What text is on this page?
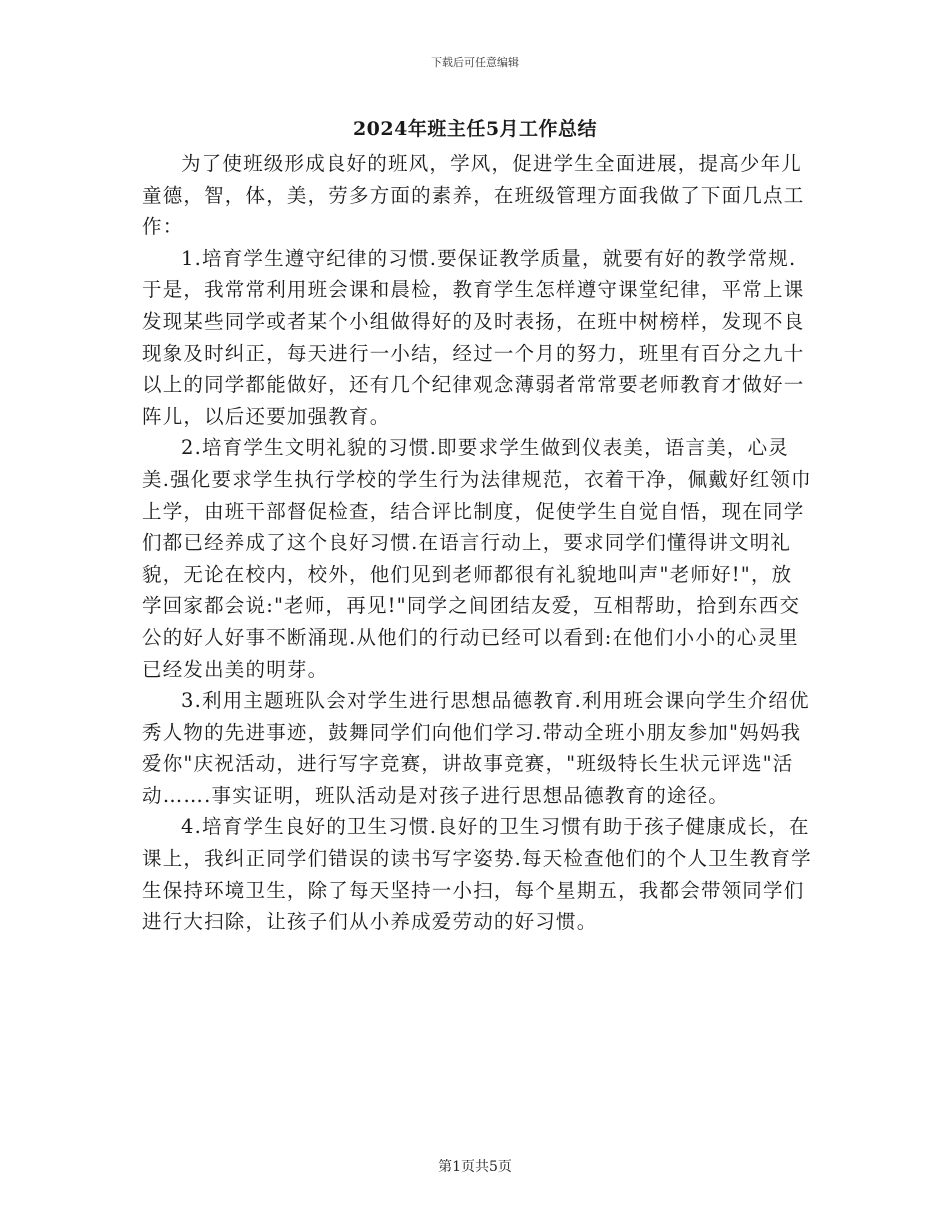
下载后可任意编辑
2024年班主任5月工作总结

为了使班级形成良好的班风，学风，促进学生全面进展，提高少年儿童德，智，体，美，劳多方面的素养，在班级管理方面我做了下面几点工作：

1.培育学生遵守纪律的习惯.要保证教学质量，就要有好的教学常规.于是，我常常利用班会课和晨检，教育学生怎样遵守课堂纪律，平常上课发现某些同学或者某个小组做得好的及时表扬，在班中树榜样，发现不良现象及时纠正，每天进行一小结，经过一个月的努力，班里有百分之九十以上的同学都能做好，还有几个纪律观念薄弱者常常要老师教育才做好一阵儿，以后还要加强教育。

2.培育学生文明礼貌的习惯.即要求学生做到仪表美，语言美，心灵美.强化要求学生执行学校的学生行为法律规范，衣着干净，佩戴好红领巾上学，由班干部督促检查，结合评比制度，促使学生自觉自悟，现在同学们都已经养成了这个良好习惯.在语言行动上，要求同学们懂得讲文明礼貌，无论在校内，校外，他们见到老师都很有礼貌地叫声"老师好!"，放学回家都会说:"老师，再见!"同学之间团结友爱，互相帮助，拾到东西交公的好人好事不断涌现.从他们的行动已经可以看到:在他们小小的心灵里已经发出美的明芽。

3.利用主题班队会对学生进行思想品德教育.利用班会课向学生介绍优秀人物的先进事迹，鼓舞同学们向他们学习.带动全班小朋友参加"妈妈我爱你"庆祝活动，进行写字竞赛，讲故事竞赛，"班级特长生状元评选"活动…….事实证明，班队活动是对孩子进行思想品德教育的途径。

4.培育学生良好的卫生习惯.良好的卫生习惯有助于孩子健康成长，在课上，我纠正同学们错误的读书写字姿势.每天检查他们的个人卫生教育学生保持环境卫生，除了每天坚持一小扫，每个星期五，我都会带领同学们进行大扫除，让孩子们从小养成爱劳动的好习惯。

第1页共5页
